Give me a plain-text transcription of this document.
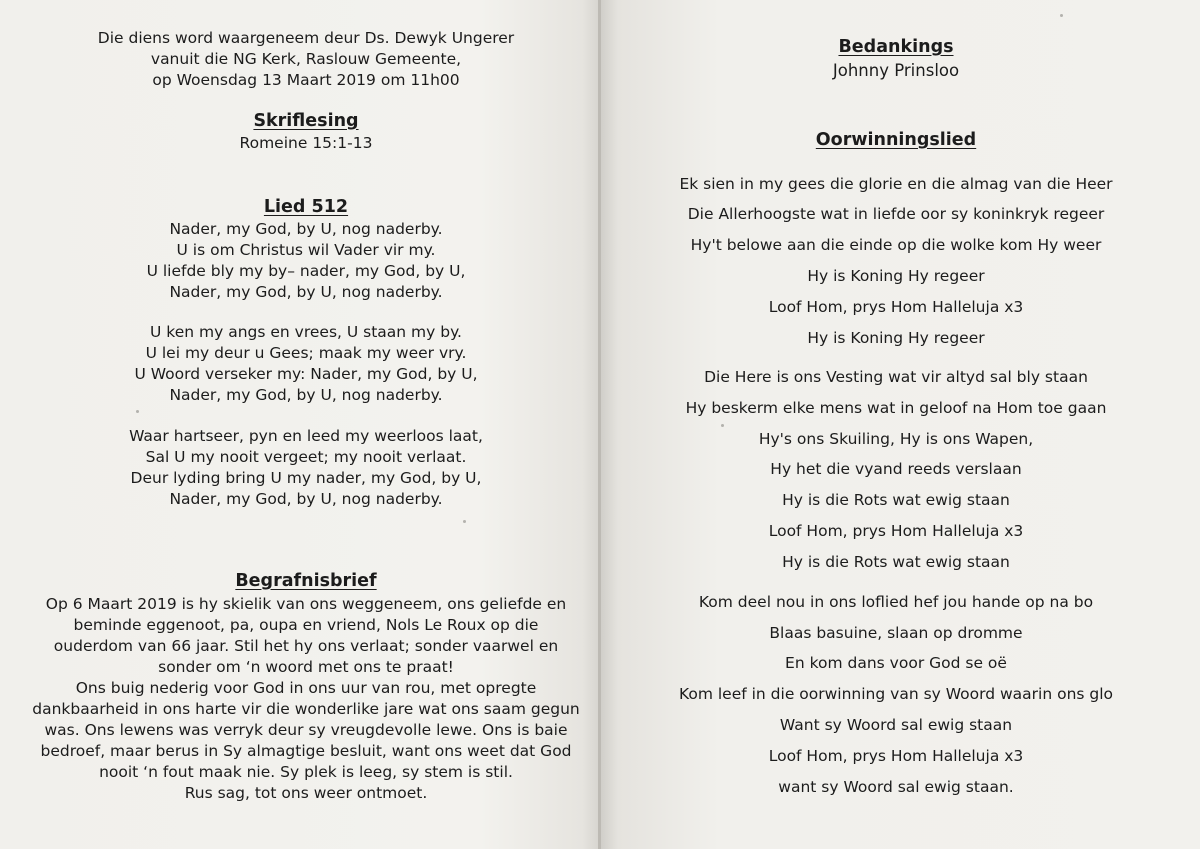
Die diens word waargeneem deur Ds. Dewyk Ungerer

vanuit die NG Kerk, Raslouw Gemeente,

op Woensdag 13 Maart 2019 om 11h00

Skriflesing

Romeine 15:1-13

Lied 512

Nader, my God, by U, nog naderby.

U is om Christus wil Vader vir my.

U liefde bly my by– nader, my God, by U,

Nader, my God, by U, nog naderby.

U ken my angs en vrees, U staan my by.

U lei my deur u Gees; maak my weer vry.

U Woord verseker my: Nader, my God, by U,

Nader, my God, by U, nog naderby.

Waar hartseer, pyn en leed my weerloos laat,

Sal U my nooit vergeet; my nooit verlaat.

Deur lyding bring U my nader, my God, by U,

Nader, my God, by U, nog naderby.

Begrafnisbrief

Op 6 Maart 2019 is hy skielik van ons weggeneem, ons geliefde en

beminde eggenoot, pa, oupa en vriend, Nols Le Roux op die

ouderdom van 66 jaar. Stil het hy ons verlaat; sonder vaarwel en

sonder om ‘n woord met ons te praat!

Ons buig nederig voor God in ons uur van rou, met opregte

dankbaarheid in ons harte vir die wonderlike jare wat ons saam gegun

was. Ons lewens was verryk deur sy vreugdevolle lewe. Ons is baie

bedroef, maar berus in Sy almagtige besluit, want ons weet dat God

nooit ‘n fout maak nie. Sy plek is leeg, sy stem is stil.

Rus sag, tot ons weer ontmoet.

Bedankings

Johnny Prinsloo

Oorwinningslied

Ek sien in my gees die glorie en die almag van die Heer

Die Allerhoogste wat in liefde oor sy koninkryk regeer

Hy't belowe aan die einde op die wolke kom Hy weer

Hy is Koning Hy regeer

Loof Hom, prys Hom Halleluja x3

Hy is Koning Hy regeer

Die Here is ons Vesting wat vir altyd sal bly staan

Hy beskerm elke mens wat in geloof na Hom toe gaan

Hy's ons Skuiling, Hy is ons Wapen,

Hy het die vyand reeds verslaan

Hy is die Rots wat ewig staan

Loof Hom, prys Hom Halleluja x3

Hy is die Rots wat ewig staan

Kom deel nou in ons loflied hef jou hande op na bo

Blaas basuine, slaan op dromme

En kom dans voor God se oë

Kom leef in die oorwinning van sy Woord waarin ons glo

Want sy Woord sal ewig staan

Loof Hom, prys Hom Halleluja x3

want sy Woord sal ewig staan.
